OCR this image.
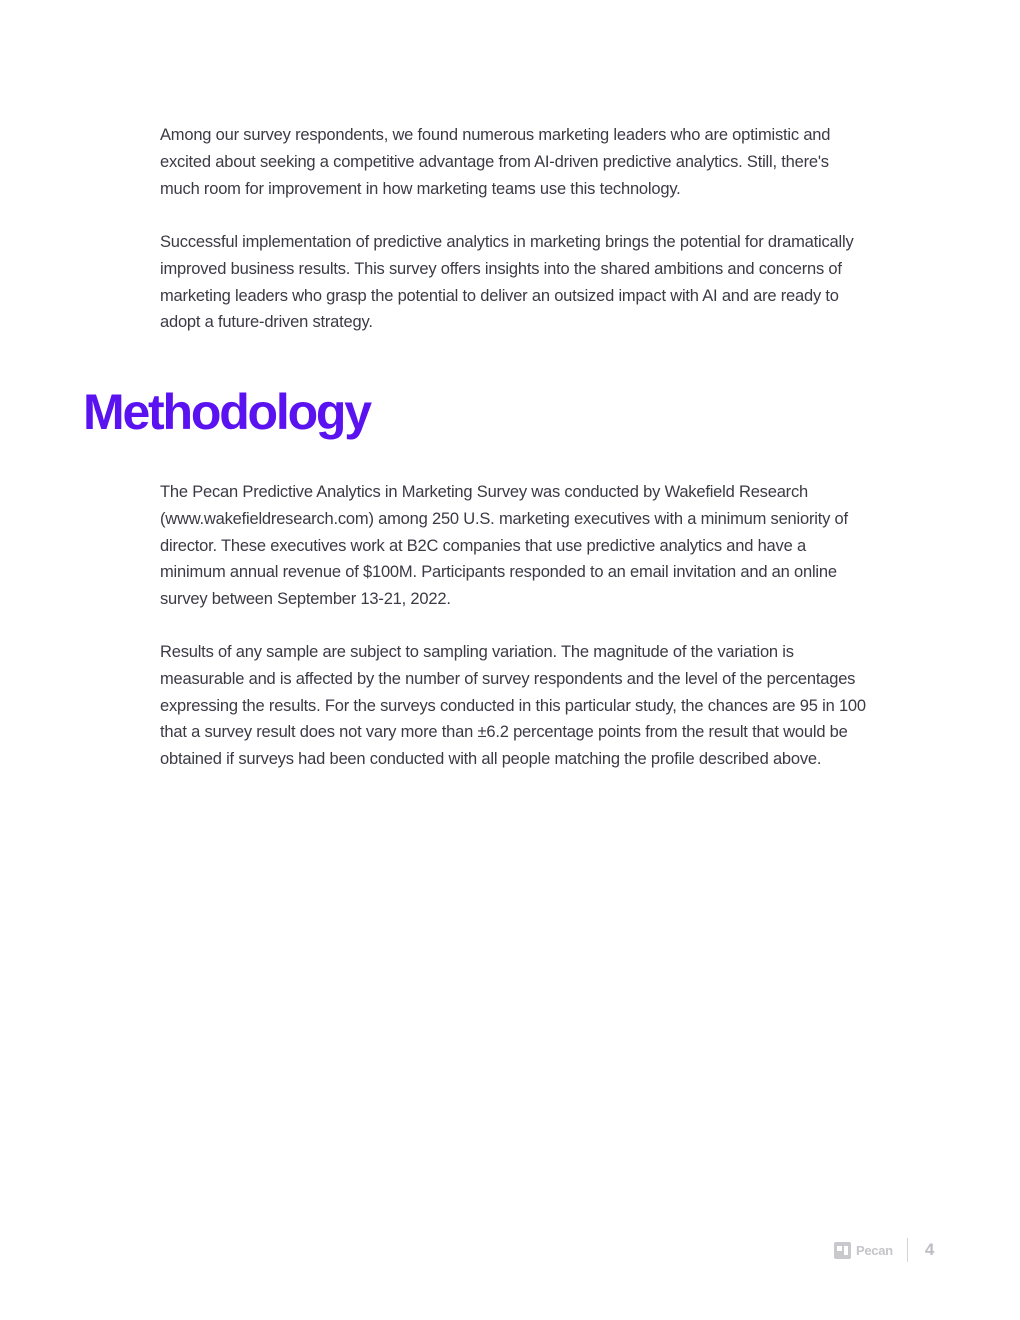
Among our survey respondents, we found numerous marketing leaders who are optimistic and excited about seeking a competitive advantage from AI-driven predictive analytics. Still, there's much room for improvement in how marketing teams use this technology.

Successful implementation of predictive analytics in marketing brings the potential for dramatically improved business results. This survey offers insights into the shared ambitions and concerns of marketing leaders who grasp the potential to deliver an outsized impact with AI and are ready to adopt a future-driven strategy.

Methodology

The Pecan Predictive Analytics in Marketing Survey was conducted by Wakefield Research (www.wakefieldresearch.com) among 250 U.S. marketing executives with a minimum seniority of director. These executives work at B2C companies that use predictive analytics and have a minimum annual revenue of $100M. Participants responded to an email invitation and an online survey between September 13-21, 2022.

Results of any sample are subject to sampling variation. The magnitude of the variation is measurable and is affected by the number of survey respondents and the level of the percentages expressing the results. For the surveys conducted in this particular study, the chances are 95 in 100 that a survey result does not vary more than ±6.2 percentage points from the result that would be obtained if surveys had been conducted with all people matching the profile described above.

Pecan 4
